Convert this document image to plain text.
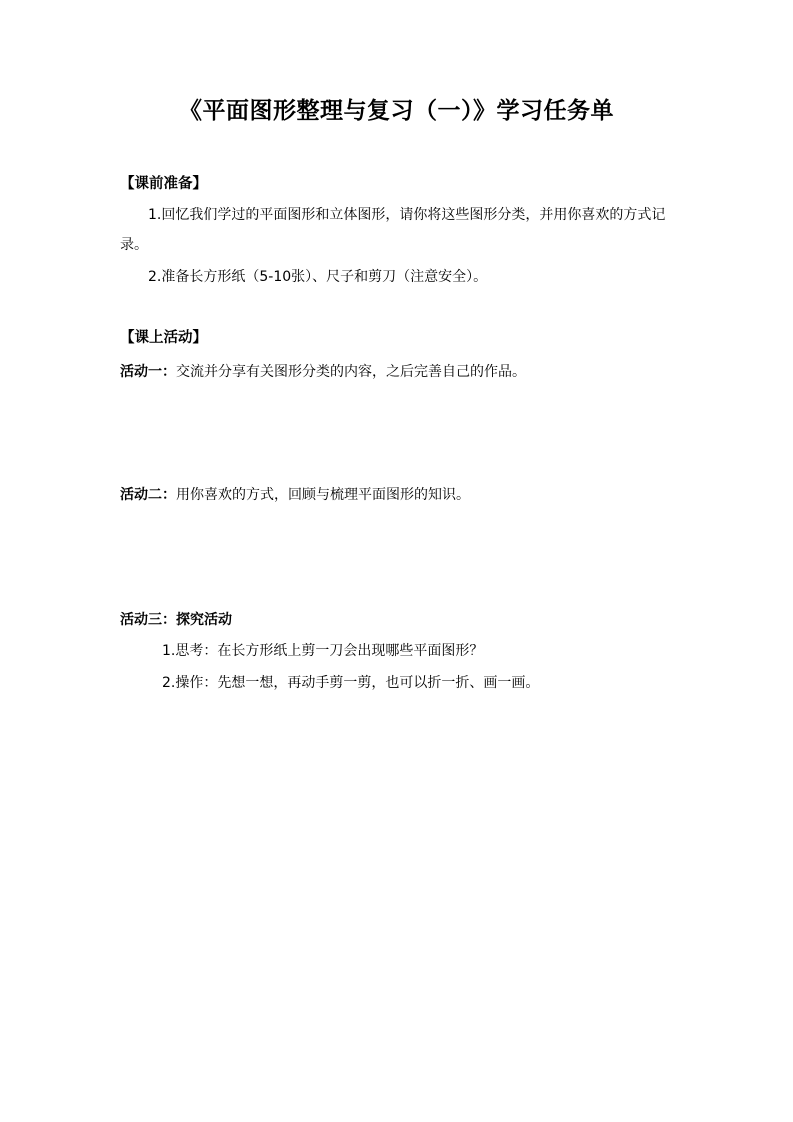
《平面图形整理与复习（一）》学习任务单
【课前准备】
1.回忆我们学过的平面图形和立体图形，请你将这些图形分类，并用你喜欢的方式记录。
2.准备长方形纸（5-10张）、尺子和剪刀（注意安全）。
【课上活动】
活动一：交流并分享有关图形分类的内容，之后完善自己的作品。
活动二：用你喜欢的方式，回顾与梳理平面图形的知识。
活动三：探究活动
1.思考：在长方形纸上剪一刀会出现哪些平面图形？
2.操作：先想一想，再动手剪一剪，也可以折一折、画一画。
